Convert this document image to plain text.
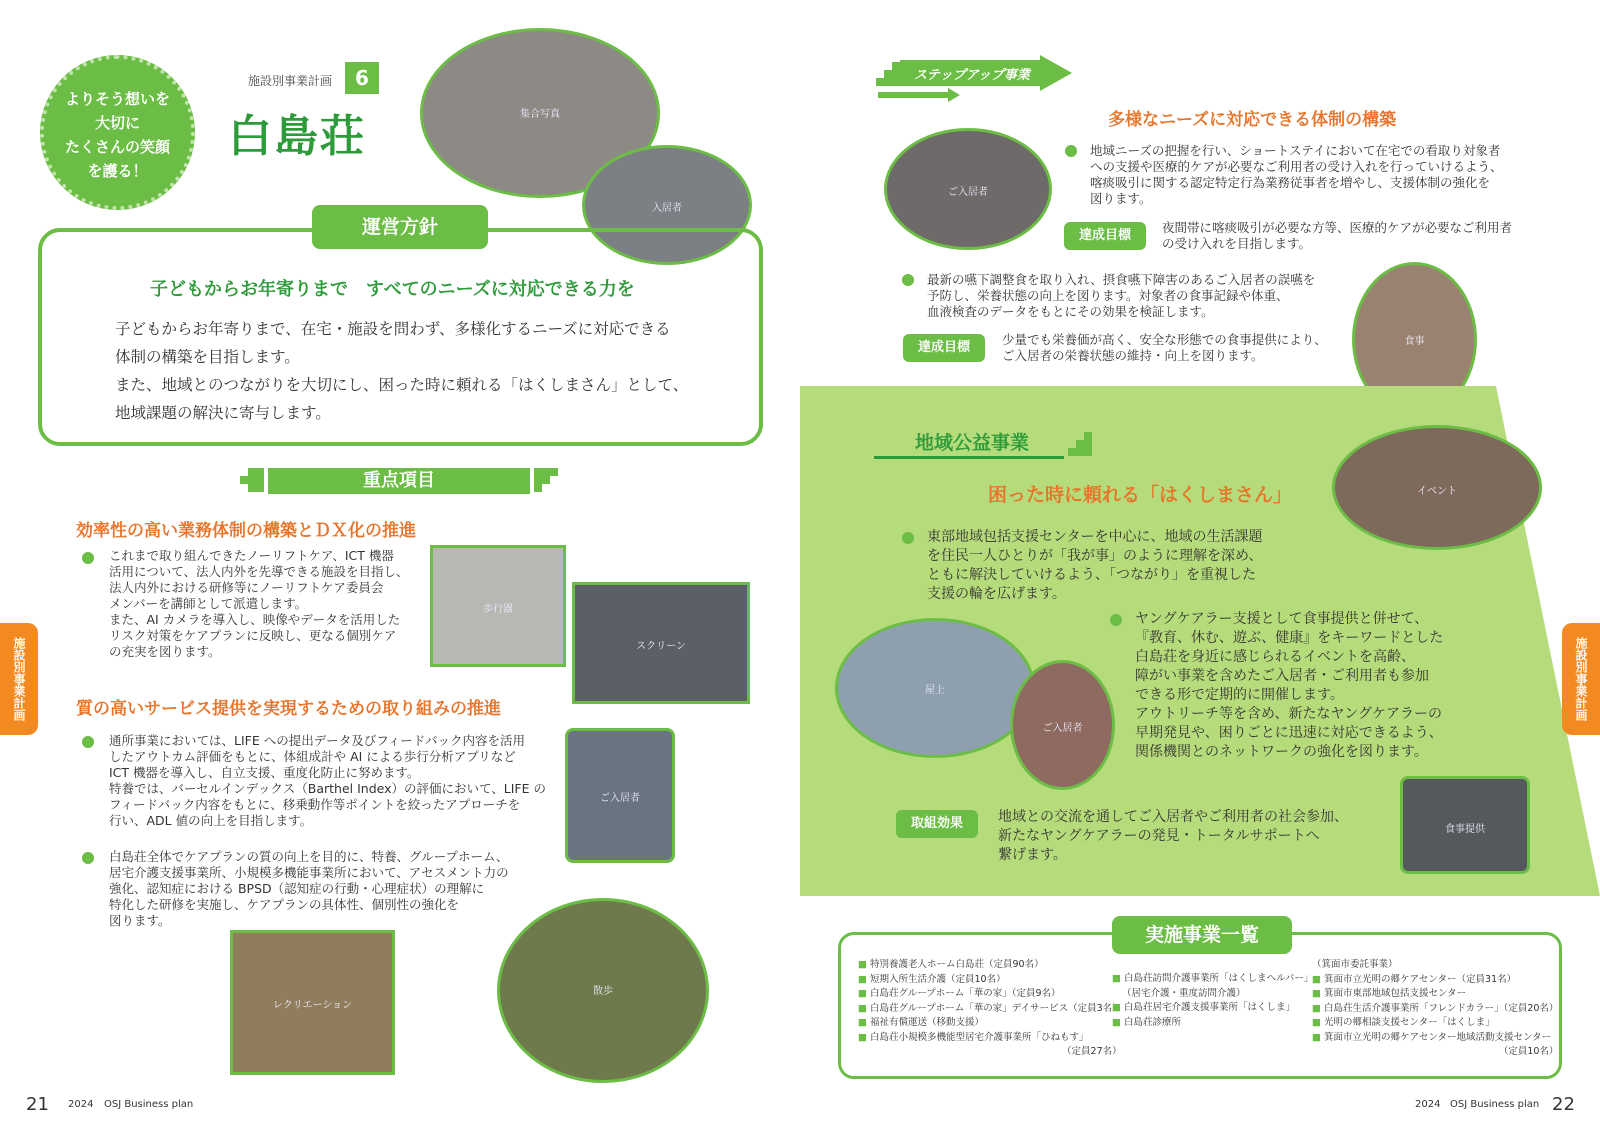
よりそう想いを
大切に
たくさんの笑顔
を護る！
施設別事業計画	6
白島荘	集合写真
入居者
運営方針
子どもからお年寄りまで　すべてのニーズに対応できる力を
子どもからお年寄りまで、在宅・施設を問わず、多様化するニーズに対応できる
体制の構築を目指します。
また、地域とのつながりを大切にし、困った時に頼れる「はくしまさん」として、
地域課題の解決に寄与します。
重点項目
効率性の高い業務体制の構築とＤＸ化の推進
これまで取り組んできたノーリフトケア、ICT 機器
活用について、法人内外を先導できる施設を目指し、
法人内外における研修等にノーリフトケア委員会
メンバーを講師として派遣します。
また、AI カメラを導入し、映像やデータを活用した
リスク対策をケアプランに反映し、更なる個別ケア
の充実を図ります。
歩行器
スクリーン
質の高いサービス提供を実現するための取り組みの推進
通所事業においては、LIFE への提出データ及びフィードバック内容を活用
したアウトカム評価をもとに、体組成計や AI による歩行分析アプリなど
ICT 機器を導入し、自立支援、重度化防止に努めます。
特養では、バーセルインデックス（Barthel Index）の評価において、LIFE の
フィードバック内容をもとに、移乗動作等ポイントを絞ったアプローチを
行い、ADL 値の向上を目指します。
ご入居者
白島荘全体でケアプランの質の向上を目的に、特養、グループホーム、
居宅介護支援事業所、小規模多機能事業所において、アセスメント力の
強化、認知症における BPSD（認知症の行動・心理症状）の理解に
特化した研修を実施し、ケアプランの具体性、個別性の強化を
図ります。
レクリエーション
散歩
施設別事業計画
21 2024 OSJ Business plan
ステップアップ事業
多様なニーズに対応できる体制の構築
ご入居者
地域ニーズの把握を行い、ショートステイにおいて在宅での看取り対象者
への支援や医療的ケアが必要なご利用者の受け入れを行っていけるよう、
喀痰吸引に関する認定特定行為業務従事者を増やし、支援体制の強化を
図ります。
達成目標
夜間帯に喀痰吸引が必要な方等、医療的ケアが必要なご利用者
の受け入れを目指します。
最新の嚥下調整食を取り入れ、摂食嚥下障害のあるご入居者の誤嚥を
予防し、栄養状態の向上を図ります。対象者の食事記録や体重、
血液検査のデータをもとにその効果を検証します。
達成目標
少量でも栄養価が高く、安全な形態での食事提供により、
ご入居者の栄養状態の維持・向上を図ります。
食事
地域公益事業
困った時に頼れる「はくしまさん」	イベント
東部地域包括支援センターを中心に、地域の生活課題
を住民一人ひとりが「我が事」のように理解を深め、
ともに解決していけるよう、「つながり」を重視した
支援の輪を広げます。
屋上
ご入居者
ヤングケアラー支援として食事提供と併せて、
『教育、休む、遊ぶ、健康』をキーワードとした
白島荘を身近に感じられるイベントを高齢、
障がい事業を含めたご入居者・ご利用者も参加
できる形で定期的に開催します。
アウトリーチ等を含め、新たなヤングケアラーの
早期発見や、困りごとに迅速に対応できるよう、
関係機関とのネットワークの強化を図ります。
取組効果	地域との交流を通してご入居者やご利用者の社会参加、
新たなヤングケアラーの発見・トータルサポートへ
繋げます。
食事提供
実施事業一覧
■ 特別養護老人ホーム白島荘（定員90名）
■ 短期入所生活介護（定員10名）
■ 白島荘グループホーム「華の家」（定員9名）
■ 白島荘グループホーム「華の家」デイサービス（定員3名）
■ 福祉有償運送（移動支援）
■ 白島荘小規模多機能型居宅介護事業所「ひねもす」
（定員27名）
■ 白島荘訪問介護事業所「はくしまヘルパー」
（居宅介護・重度訪問介護）
■ 白島荘居宅介護支援事業所「はくしま」
■ 白島荘診療所
（箕面市委託事業）
■ 箕面市立光明の郷ケアセンター（定員31名）
■ 箕面市東部地域包括支援センター
■ 白島荘生活介護事業所「フレンドカラー」（定員20名）
■ 光明の郷相談支援センター「はくしま」
■ 箕面市立光明の郷ケアセンター地域活動支援センター
（定員10名）
施設別事業計画
2024 OSJ Business plan 22
